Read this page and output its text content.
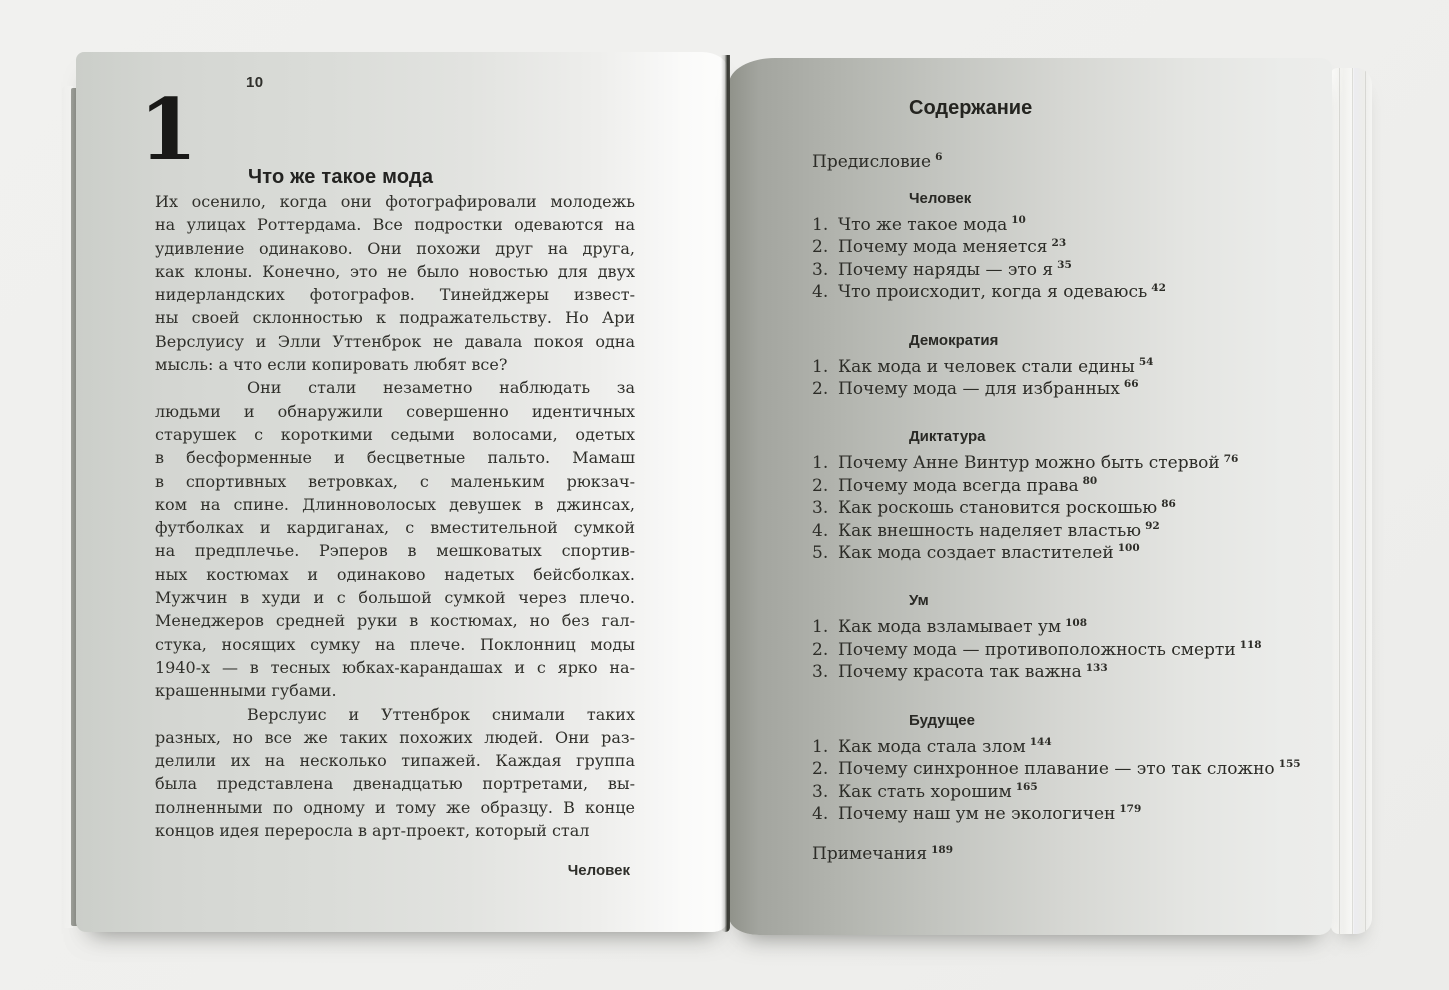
10
1	Что же такое мода
Их осенило, когда они фотографировали молодежь
на улицах Роттердама. Все подростки одеваются на
удивление одинаково. Они похожи друг на друга,
как клоны. Конечно, это не было новостью для двух
нидерландских фотографов. Тинейджеры извест-
ны своей склонностью к подражательству. Но Ари
Верслуису и Элли Уттенброк не давала покоя одна
мысль: а что если копировать любят все?
Они стали незаметно наблюдать за
людьми и обнаружили совершенно идентичных
старушек с короткими седыми волосами, одетых
в бесформенные и бесцветные пальто. Мамаш
в спортивных ветровках, с маленьким рюкзач-
ком на спине. Длинноволосых девушек в джинсах,
футболках и кардиганах, с вместительной сумкой
на предплечье. Рэперов в мешковатых спортив-
ных костюмах и одинаково надетых бейсболках.
Мужчин в худи и с большой сумкой через плечо.
Менеджеров средней руки в костюмах, но без гал-
стука, носящих сумку на плече. Поклонниц моды
1940-х — в тесных юбках-карандашах и с ярко на-
крашенными губами.
Верслуис и Уттенброк снимали таких
разных, но все же таких похожих людей. Они раз-
делили их на несколько типажей. Каждая группа
была представлена двенадцатью портретами, вы-
полненными по одному и тому же образцу. В конце
концов идея переросла в арт-проект, который стал
Человек
Содержание
Предисловие $^6$
Человек
1. Что же такое мода $^{10}$
2. Почему мода меняется $^{23}$
3. Почему наряды — это я $^{35}$
4. Что происходит, когда я одеваюсь $^{42}$
Демократия
1. Как мода и человек стали едины $^{54}$
2. Почему мода — для избранных $^{66}$
Диктатура
1. Почему Анне Винтур можно быть стервой $^{76}$
2. Почему мода всегда права $^{80}$
3. Как роскошь становится роскошью $^{86}$
4. Как внешность наделяет властью $^{92}$
5. Как мода создает властителей $^{100}$
Ум
1. Как мода взламывает ум $^{108}$
2. Почему мода — противоположность смерти $^{118}$
3. Почему красота так важна $^{133}$
Будущее
1. Как мода стала злом $^{144}$
2. Почему синхронное плавание — это так сложно $^{155}$
3. Как стать хорошим $^{165}$
4. Почему наш ум не экологичен $^{179}$
Примечания $^{189}$
